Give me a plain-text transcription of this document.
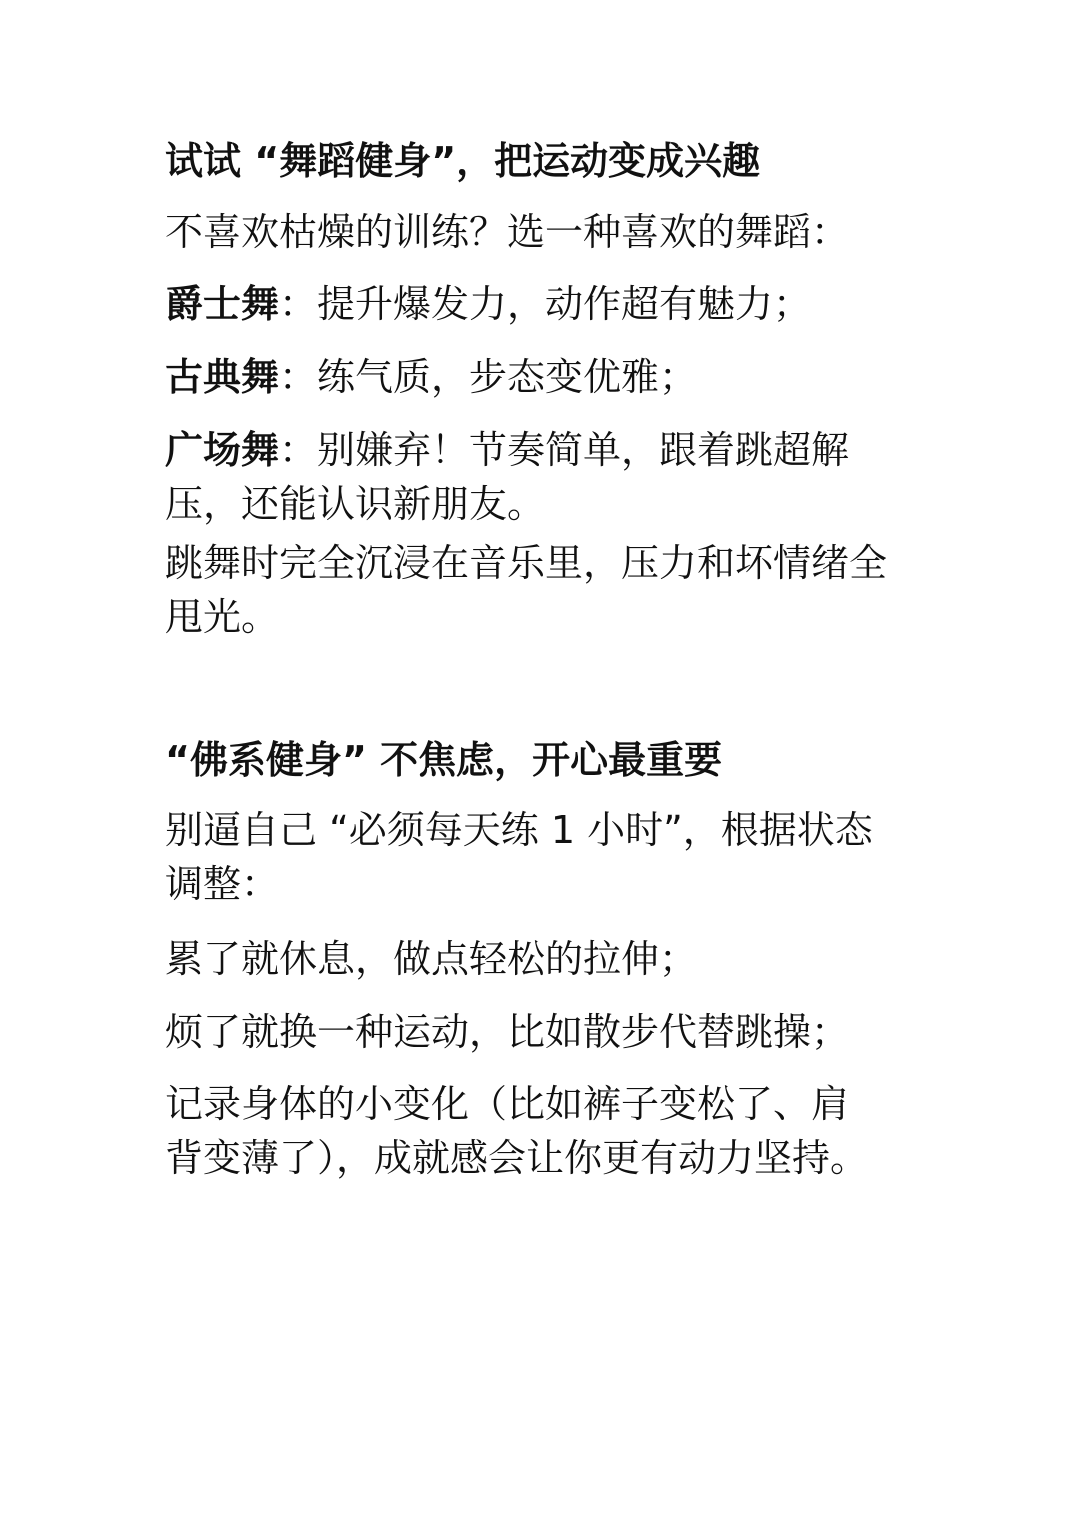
试试 “舞蹈健身”，把运动变成兴趣
不喜欢枯燥的训练？选一种喜欢的舞蹈：
爵士舞：提升爆发力，动作超有魅力；
古典舞：练气质，步态变优雅；
广场舞：别嫌弃！节奏简单，跟着跳超解压，还能认识新朋友。
跳舞时完全沉浸在音乐里，压力和坏情绪全甩光。
“佛系健身” 不焦虑，开心最重要
别逼自己 “必须每天练 1 小时”，根据状态调整：
累了就休息，做点轻松的拉伸；
烦了就换一种运动，比如散步代替跳操；
记录身体的小变化（比如裤子变松了、肩背变薄了），成就感会让你更有动力坚持。
